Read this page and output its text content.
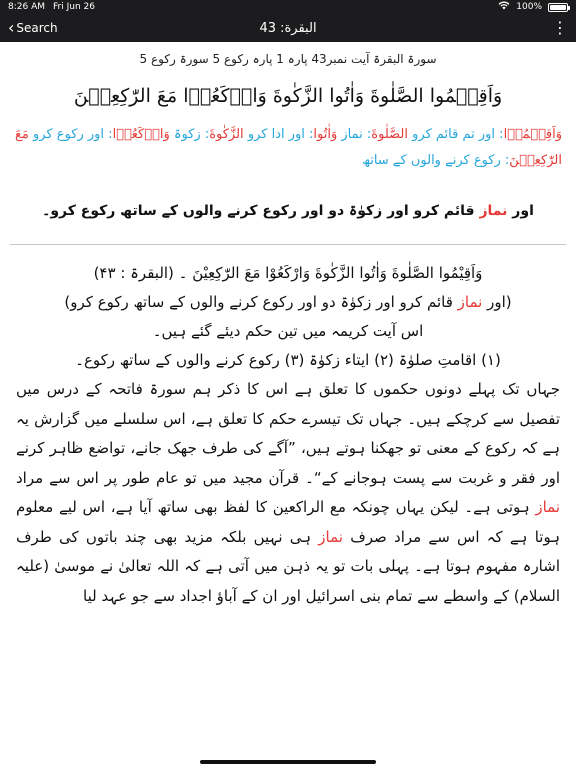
8:26 AM Fri Jun 26	100%
‹ Search	البقرة: 43	⋮
سورۃ البقرۃ آیت نمبر43 پارہ 1 پارہ رکوع 5 سورۃ رکوع 5
وَاَقِيۡمُوا الصَّلٰوةَ وَاٰتُوا الزَّكٰوةَ وَارۡكَعُوۡا مَعَ الرّٰكِعِيۡنَ
وَاَقِيۡمُوۡا: اور تم قائم کرو الصَّلٰوةَ: نماز وَاٰتُوا: اور ادا کرو الزَّكٰوةَ: زکوۃ وَارۡكَعُوۡا: اور رکوع کرو مَعَ الرّٰكِعِيۡنَ: رکوع کرنے والوں کے ساتھ
اور نماز قائم کرو اور زکوٰۃ دو اور رکوع کرنے والوں کے ساتھ رکوع کرو۔

وَاَقِيْمُوا الصَّلٰوةَ وَاٰتُوا الزَّكٰوةَ وَارْكَعُوْا مَعَ الرّٰكِعِيْنَ ۔ (البقرۃ : ۴۳)

(اور نماز قائم کرو اور زکوٰۃ دو اور رکوع کرنے والوں کے ساتھ رکوع کرو)

اس آیت کریمہ میں تین حکم دیئے گئے ہیں۔

(۱) اقامتِ صلوٰۃ (۲) ایتاء زکوٰۃ (۳) رکوع کرنے والوں کے ساتھ رکوع۔

جہاں تک پہلے دونوں حکموں کا تعلق ہے اس کا ذکر ہم سورۃ فاتحہ کے درس میں تفصیل سے کرچکے ہیں۔ جہاں تک تیسرے حکم کا تعلق ہے، اس سلسلے میں گزارش یہ ہے کہ رکوع کے معنی تو جھکنا ہوتے ہیں، ”آگے کی طرف جھک جانے، تواضع ظاہر کرنے اور فقر و غربت سے پست ہوجانے کے“۔ قرآن مجید میں تو عام طور پر اس سے مراد نماز ہوتی ہے۔ لیکن یہاں چونکہ مع الراکعین کا لفظ بھی ساتھ آیا ہے، اس لیے معلوم ہوتا ہے کہ اس سے مراد صرف نماز ہی نہیں بلکہ مزید بھی چند باتوں کی طرف اشارہ مفہوم ہوتا ہے۔ پہلی بات تو یہ ذہن میں آتی ہے کہ اللہ تعالیٰ نے موسیٰ (علیہ السلام) کے واسطے سے تمام بنی اسرائیل اور ان کے آباؤ اجداد سے جو عہد لیا
